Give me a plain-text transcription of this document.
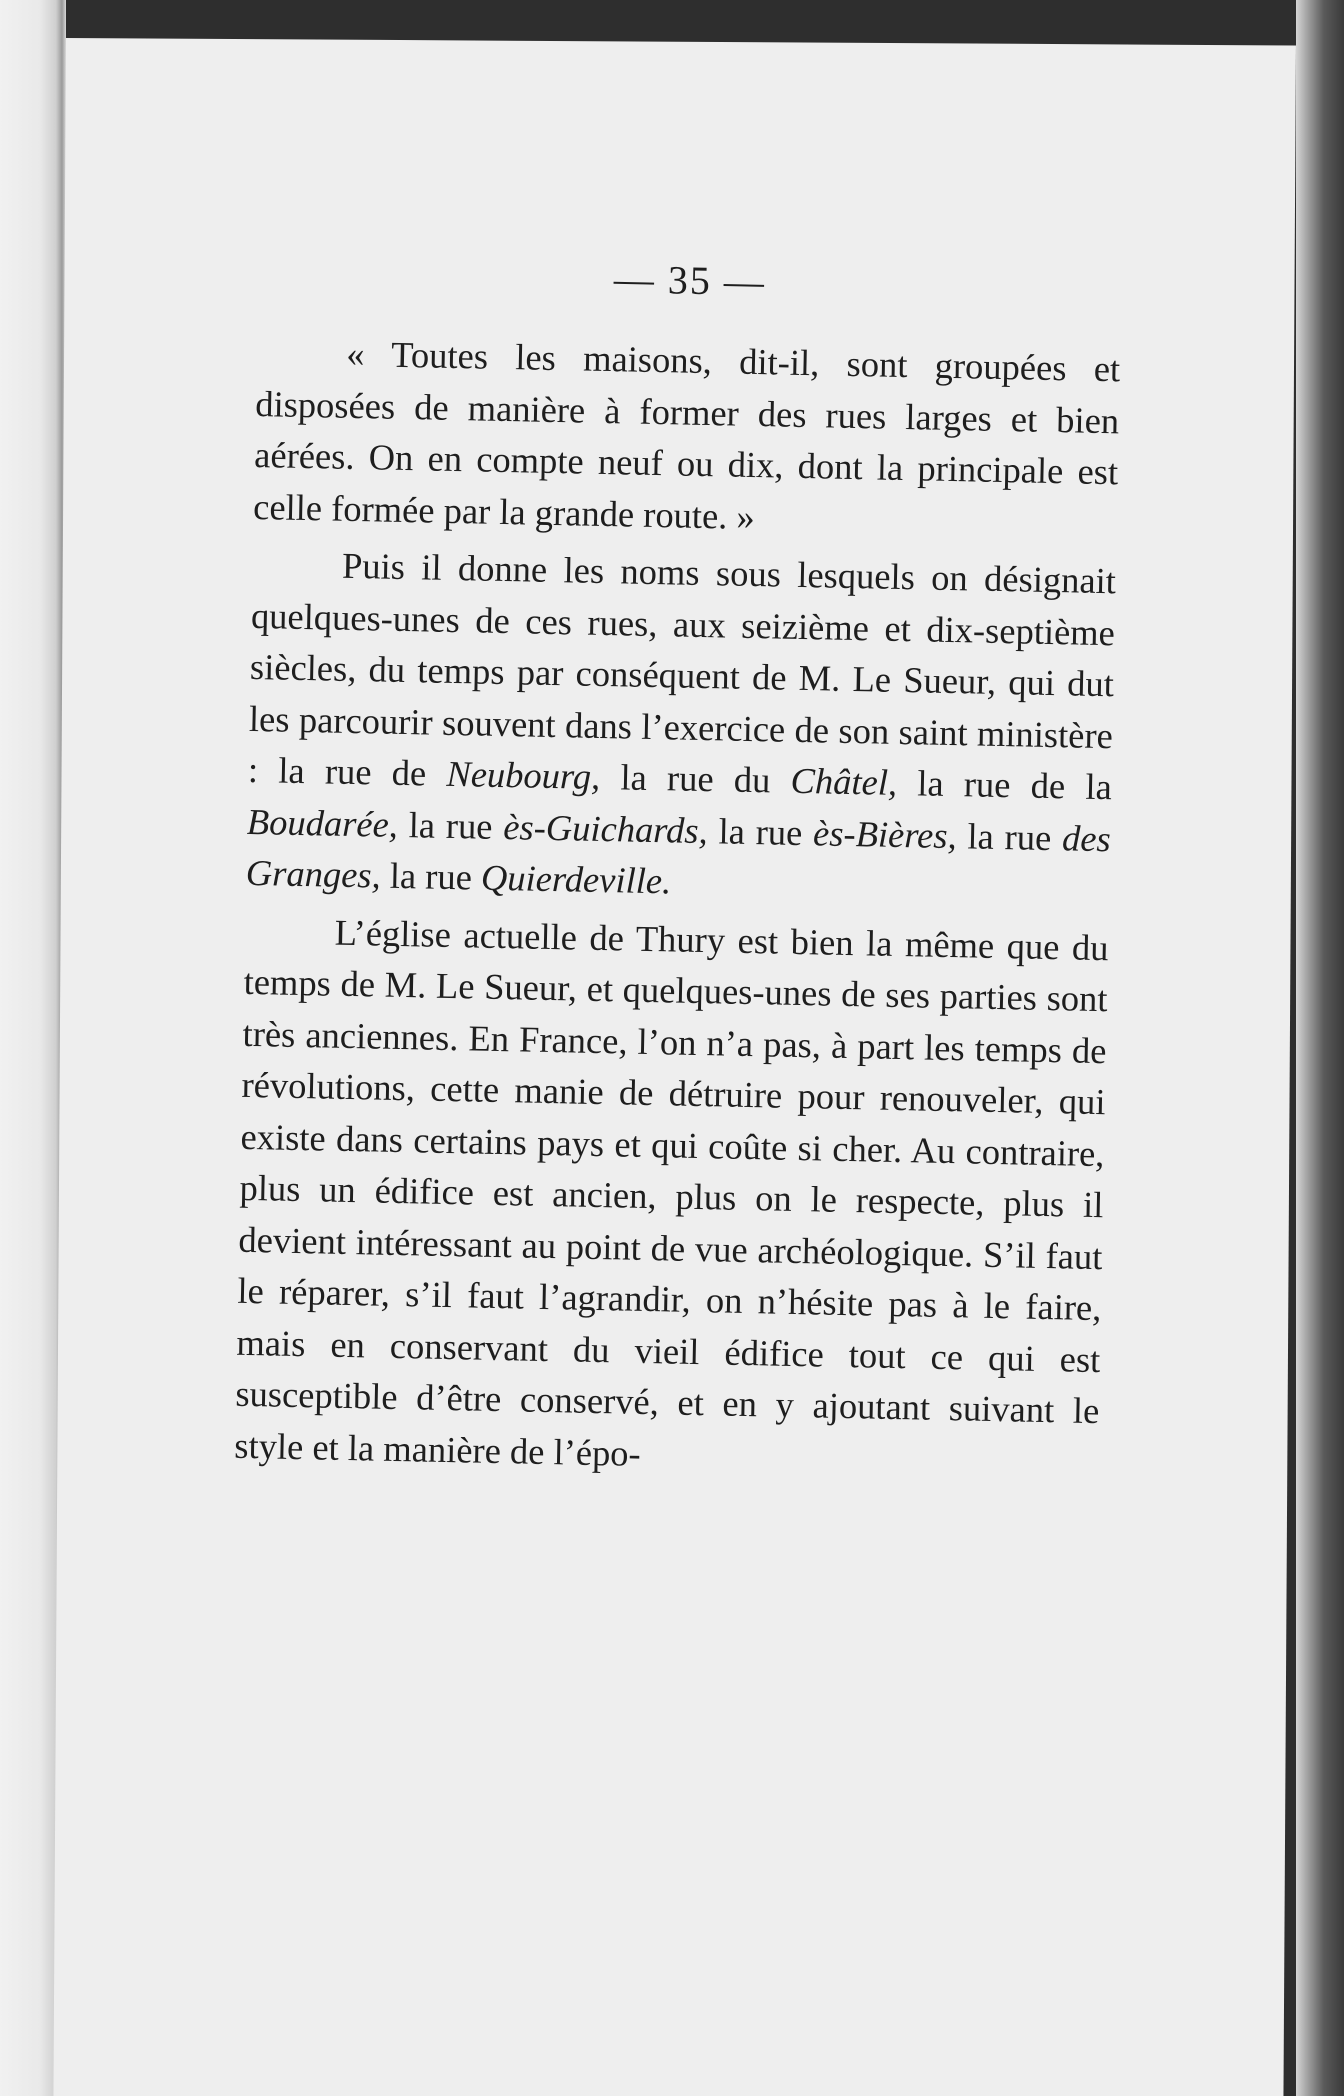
— 35 —

« Toutes les maisons, dit-il, sont groupées et disposées de manière à former des rues larges et bien aérées. On en compte neuf ou dix, dont la principale est celle formée par la grande route. »

Puis il donne les noms sous lesquels on désignait quelques-unes de ces rues, aux seizième et dix-septième siècles, du temps par conséquent de M. Le Sueur, qui dut les parcourir souvent dans l’exercice de son saint ministère : la rue de Neubourg, la rue du Châtel, la rue de la Boudarée, la rue ès-Guichards, la rue ès-Bières, la rue des Granges, la rue Quierdeville.

L’église actuelle de Thury est bien la même que du temps de M. Le Sueur, et quelques-unes de ses parties sont très anciennes. En France, l’on n’a pas, à part les temps de révolutions, cette manie de détruire pour renouveler, qui existe dans certains pays et qui coûte si cher. Au contraire, plus un édifice est ancien, plus on le respecte, plus il devient intéressant au point de vue archéologique. S’il faut le réparer, s’il faut l’agrandir, on n’hésite pas à le faire, mais en conservant du vieil édifice tout ce qui est susceptible d’être conservé, et en y ajoutant suivant le style et la manière de l’épo-
